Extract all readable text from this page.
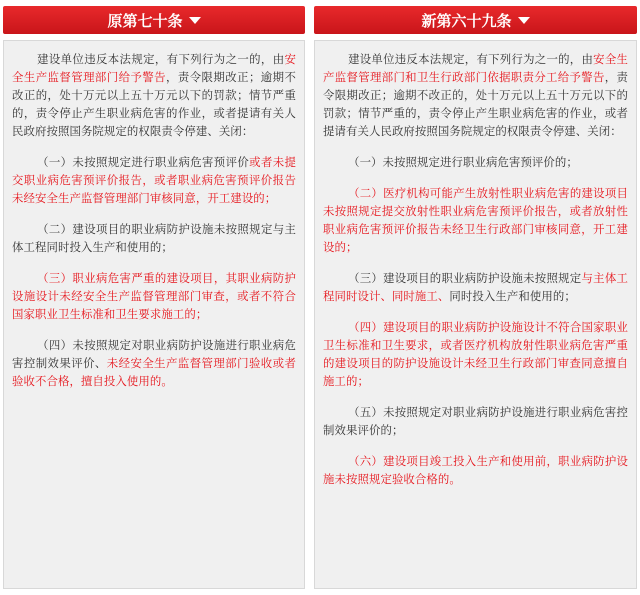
原第七十条

建设单位违反本法规定，有下列行为之一的，由安全生产监督管理部门给予警告，责令限期改正；逾期不改正的，处十万元以上五十万元以下的罚款；情节严重的，责令停止产生职业病危害的作业，或者提请有关人民政府按照国务院规定的权限责令停建、关闭：

（一）未按照规定进行职业病危害预评价或者未提交职业病危害预评价报告，或者职业病危害预评价报告未经安全生产监督管理部门审核同意，开工建设的；

（二）建设项目的职业病防护设施未按照规定与主体工程同时投入生产和使用的；

（三）职业病危害严重的建设项目，其职业病防护设施设计未经安全生产监督管理部门审查，或者不符合国家职业卫生标准和卫生要求施工的；

（四）未按照规定对职业病防护设施进行职业病危害控制效果评价、未经安全生产监督管理部门验收或者验收不合格，擅自投入使用的。

新第六十九条

建设单位违反本法规定，有下列行为之一的，由安全生产监督管理部门和卫生行政部门依据职责分工给予警告，责令限期改正；逾期不改正的，处十万元以上五十万元以下的罚款；情节严重的，责令停止产生职业病危害的作业，或者提请有关人民政府按照国务院规定的权限责令停建、关闭：

（一）未按照规定进行职业病危害预评价的；

（二）医疗机构可能产生放射性职业病危害的建设项目未按照规定提交放射性职业病危害预评价报告，或者放射性职业病危害预评价报告未经卫生行政部门审核同意，开工建设的；

（三）建设项目的职业病防护设施未按照规定与主体工程同时设计、同时施工、同时投入生产和使用的；

（四）建设项目的职业病防护设施设计不符合国家职业卫生标准和卫生要求，或者医疗机构放射性职业病危害严重的建设项目的防护设施设计未经卫生行政部门审查同意擅自施工的；

（五）未按照规定对职业病防护设施进行职业病危害控制效果评价的；

（六）建设项目竣工投入生产和使用前，职业病防护设施未按照规定验收合格的。
